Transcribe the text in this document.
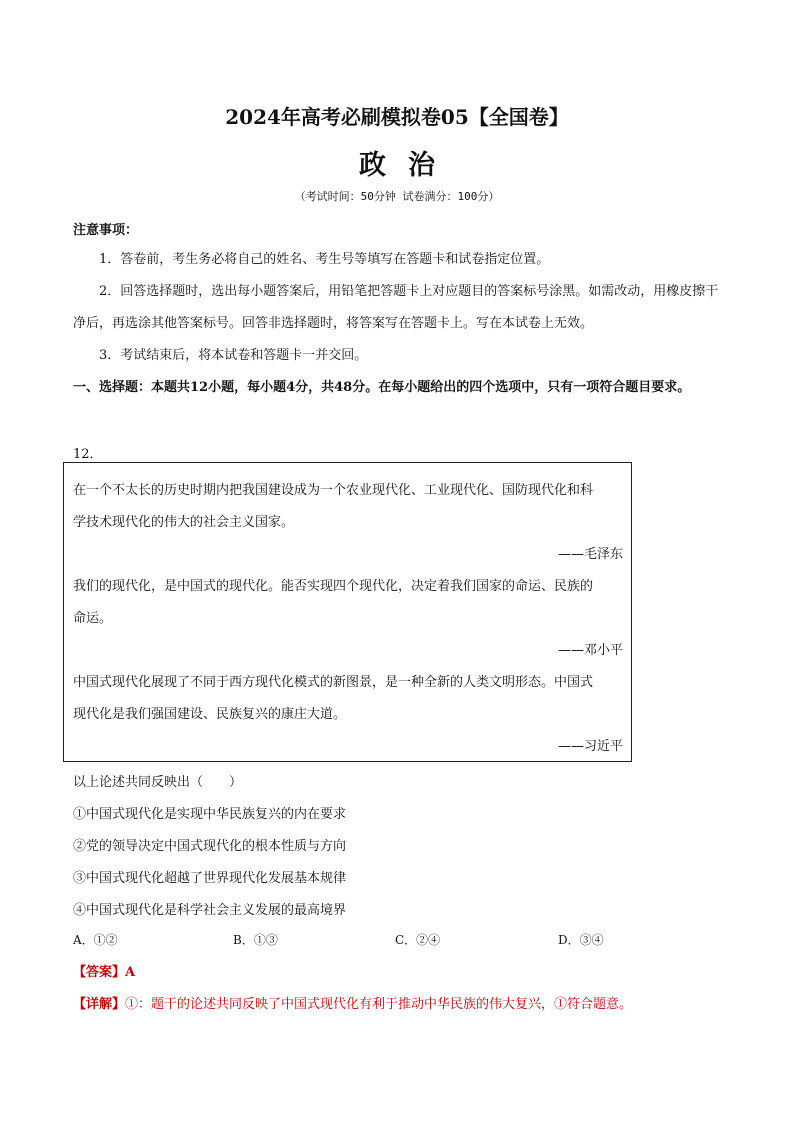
2024年高考必刷模拟卷05【全国卷】
政治
（考试时间：50分钟 试卷满分：100分）
注意事项：
1．答卷前，考生务必将自己的姓名、考生号等填写在答题卡和试卷指定位置。
2．回答选择题时，选出每小题答案后，用铅笔把答题卡上对应题目的答案标号涂黑。如需改动，用橡皮擦干净后，再选涂其他答案标号。回答非选择题时，将答案写在答题卡上。写在本试卷上无效。
3．考试结束后，将本试卷和答题卡一并交回。
一、选择题：本题共12小题，每小题4分，共48分。在每小题给出的四个选项中，只有一项符合题目要求。
12．
在一个不太长的历史时期内把我国建设成为一个农业现代化、工业现代化、国防现代化和科
学技术现代化的伟大的社会主义国家。
——毛泽东
我们的现代化，是中国式的现代化。能否实现四个现代化，决定着我们国家的命运、民族的
命运。
——邓小平
中国式现代化展现了不同于西方现代化模式的新图景，是一种全新的人类文明形态。中国式
现代化是我们强国建设、民族复兴的康庄大道。
——习近平
以上论述共同反映出（　　）
①中国式现代化是实现中华民族复兴的内在要求
②党的领导决定中国式现代化的根本性质与方向
③中国式现代化超越了世界现代化发展基本规律
④中国式现代化是科学社会主义发展的最高境界
A．①②	B．①③	C．②④	D．③④
【答案】A
【详解】①：题干的论述共同反映了中国式现代化有利于推动中华民族的伟大复兴，①符合题意。
